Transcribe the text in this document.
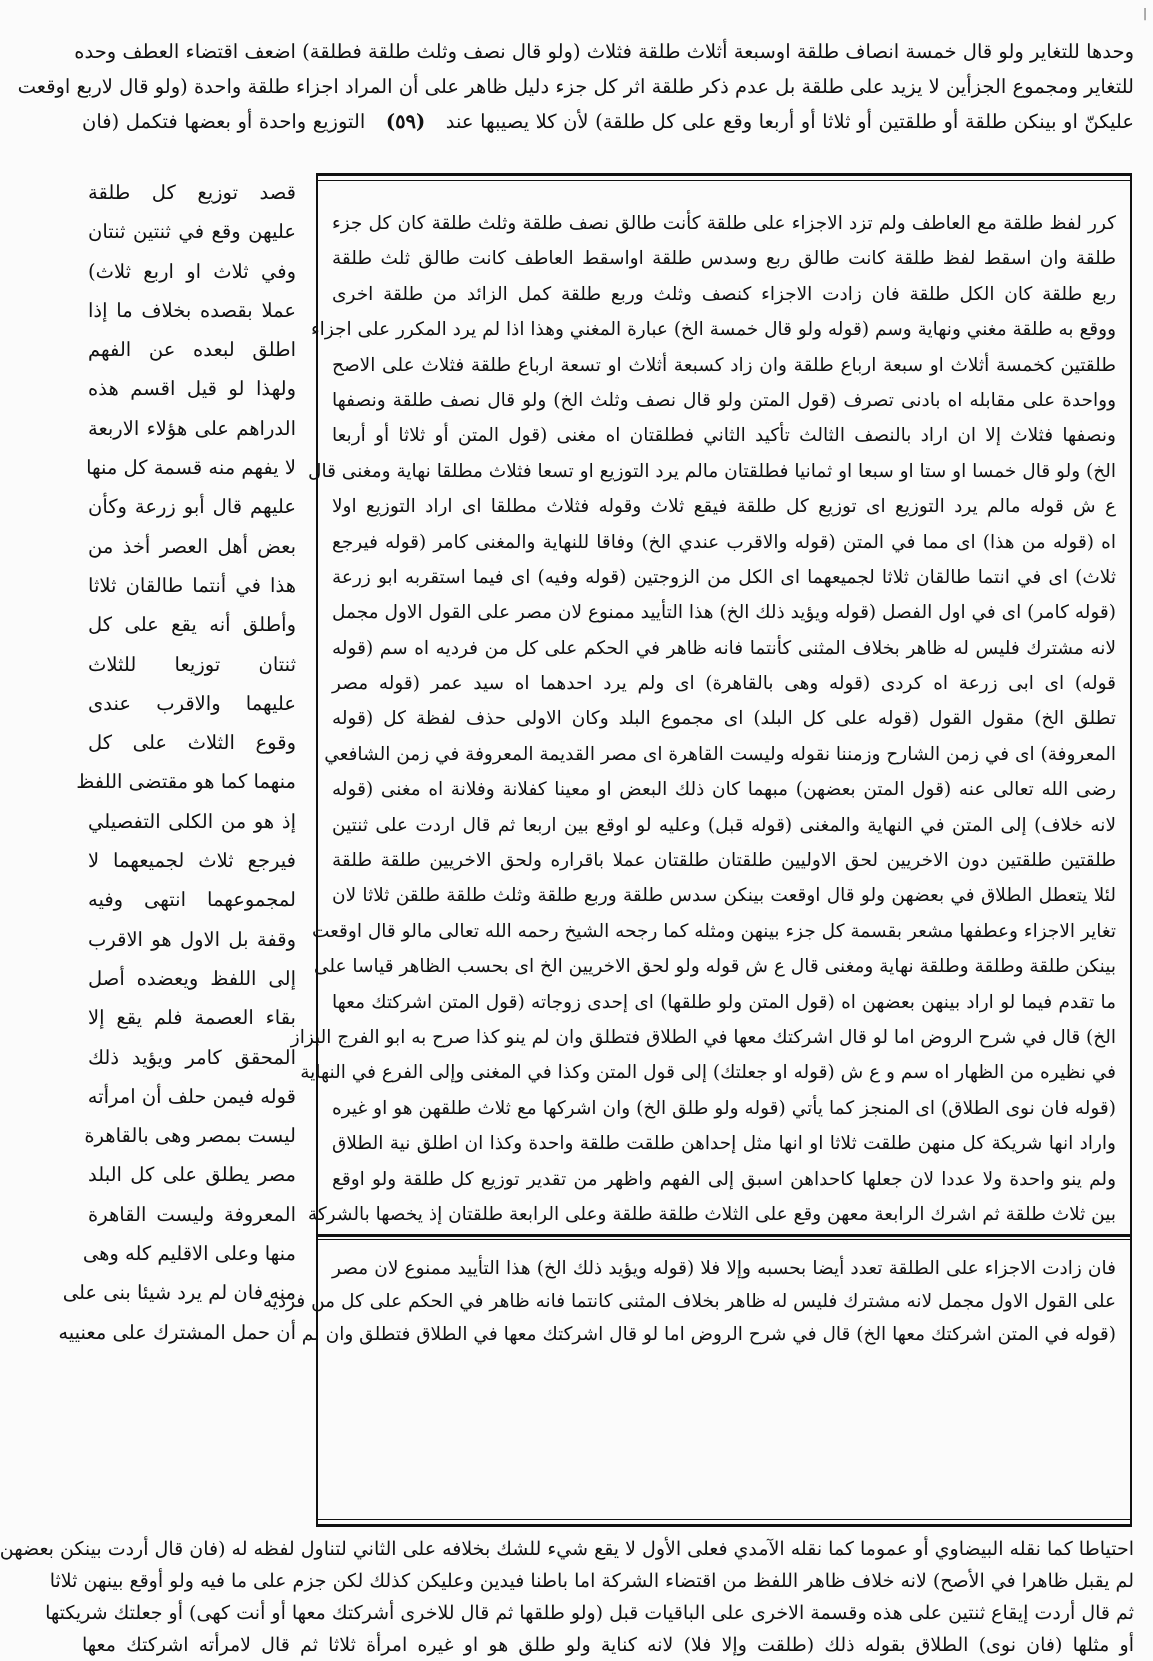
|
وحدها للتغاير ولو قال خمسة انصاف طلقة اوسبعة أثلاث طلقة فثلاث (ولو قال نصف وثلث طلقة فطلقة) اضعف اقتضاء العطف وحده
للتغاير ومجموع الجزأين لا يزيد على طلقة بل عدم ذكر طلقة اثر كل جزء دليل ظاهر على أن المراد اجزاء طلقة واحدة (ولو قال لاربع اوقعت
عليكنّ او بينكن طلقة أو طلقتين أو ثلاثا أو أربعا وقع على كل طلقة) لأن كلا يصيبها عند (٥٩) التوزيع واحدة أو بعضها فتكمل (فان
كرر لفظ طلقة مع العاطف ولم تزد الاجزاء على طلقة كأنت طالق نصف طلقة وثلث طلقة كان كل جزء
طلقة وان اسقط لفظ طلقة كانت طالق ربع وسدس طلقة اواسقط العاطف كانت طالق ثلث طلقة
ربع طلقة كان الكل طلقة فان زادت الاجزاء كنصف وثلث وربع طلقة كمل الزائد من طلقة اخرى
ووقع به طلقة مغني ونهاية وسم (قوله ولو قال خمسة الخ) عبارة المغني وهذا اذا لم يرد المكرر على اجزاء
طلقتين كخمسة أثلاث او سبعة ارباع طلقة وان زاد كسبعة أثلاث او تسعة ارباع طلقة فثلاث على الاصح
وواحدة على مقابله اه بادنى تصرف (قول المتن ولو قال نصف وثلث الخ) ولو قال نصف طلقة ونصفها
ونصفها فثلاث إلا ان اراد بالنصف الثالث تأكيد الثاني فطلقتان اه مغنى (قول المتن أو ثلاثا أو أربعا
الخ) ولو قال خمسا او ستا او سبعا او ثمانيا فطلقتان مالم يرد التوزيع او تسعا فثلاث مطلقا نهاية ومغنى قال
ع ش قوله مالم يرد التوزيع اى توزيع كل طلقة فيقع ثلاث وقوله فثلاث مطلقا اى اراد التوزيع اولا
اه (قوله من هذا) اى مما في المتن (قوله والاقرب عندي الخ) وفاقا للنهاية والمغنى كامر (قوله فيرجع
ثلاث) اى في انتما طالقان ثلاثا لجميعهما اى الكل من الزوجتين (قوله وفيه) اى فيما استقربه ابو زرعة
(قوله كامر) اى في اول الفصل (قوله ويؤيد ذلك الخ) هذا التأييد ممنوع لان مصر على القول الاول مجمل
لانه مشترك فليس له ظاهر بخلاف المثنى كأنتما فانه ظاهر في الحكم على كل من فرديه اه سم (قوله
قوله) اى ابى زرعة اه كردى (قوله وهى بالقاهرة) اى ولم يرد احدهما اه سيد عمر (قوله مصر
تطلق الخ) مقول القول (قوله على كل البلد) اى مجموع البلد وكان الاولى حذف لفظة كل (قوله
المعروفة) اى في زمن الشارح وزمننا نقوله وليست القاهرة اى مصر القديمة المعروفة في زمن الشافعي
رضى الله تعالى عنه (قول المتن بعضهن) مبهما كان ذلك البعض او معينا كفلانة وفلانة اه مغنى (قوله
لانه خلاف) إلى المتن في النهاية والمغنى (قوله قبل) وعليه لو اوقع بين اربعا ثم قال اردت على ثنتين
طلقتين طلقتين دون الاخريين لحق الاوليين طلقتان طلقتان عملا باقراره ولحق الاخريين طلقة طلقة
لئلا يتعطل الطلاق في بعضهن ولو قال اوقعت بينكن سدس طلقة وربع طلقة وثلث طلقة طلقن ثلاثا لان
تغاير الاجزاء وعطفها مشعر بقسمة كل جزء بينهن ومثله كما رجحه الشيخ رحمه الله تعالى مالو قال اوقعت
بينكن طلقة وطلقة وطلقة نهاية ومغنى قال ع ش قوله ولو لحق الاخريين الخ اى بحسب الظاهر قياسا على
ما تقدم فيما لو اراد بينهن بعضهن اه (قول المتن ولو طلقها) اى إحدى زوجاته (قول المتن اشركتك معها
الخ) قال في شرح الروض اما لو قال اشركتك معها في الطلاق فتطلق وان لم ينو كذا صرح به ابو الفرج البزاز
في نظيره من الظهار اه سم و ع ش (قوله او جعلتك) إلى قول المتن وكذا في المغنى وإلى الفرع في النهاية
(قوله فان نوى الطلاق) اى المنجز كما يأتي (قوله ولو طلق الخ) وان اشركها مع ثلاث طلقهن هو او غيره
واراد انها شريكة كل منهن طلقت ثلاثا او انها مثل إحداهن طلقت طلقة واحدة وكذا ان اطلق نية الطلاق
ولم ينو واحدة ولا عددا لان جعلها كاحداهن اسبق إلى الفهم واظهر من تقدير توزيع كل طلقة ولو اوقع
بين ثلاث طلقة ثم اشرك الرابعة معهن وقع على الثلاث طلقة طلقة وعلى الرابعة طلقتان إذ يخصها بالشركة
فان زادت الاجزاء على الطلقة تعدد أيضا بحسبه وإلا فلا (قوله ويؤيد ذلك الخ) هذا التأييد ممنوع لان مصر
على القول الاول مجمل لانه مشترك فليس له ظاهر بخلاف المثنى كانتما فانه ظاهر في الحكم على كل من فرديه
(قوله في المتن اشركتك معها الخ) قال في شرح الروض اما لو قال اشركتك معها في الطلاق فتطلق وان لم
قصد توزيع كل طلقة
عليهن وقع في ثنتين ثنتان
وفي ثلاث او اربع ثلاث)
عملا بقصده بخلاف ما إذا
اطلق لبعده عن الفهم
ولهذا لو قيل اقسم هذه
الدراهم على هؤلاء الاربعة
لا يفهم منه قسمة كل منها
عليهم قال أبو زرعة وكأن
بعض أهل العصر أخذ من
هذا في أنتما طالقان ثلاثا
وأطلق أنه يقع على كل
ثنتان توزيعا للثلاث
عليهما والاقرب عندى
وقوع الثلاث على كل
منهما كما هو مقتضى اللفظ
إذ هو من الكلى التفصيلي
فيرجع ثلاث لجميعهما لا
لمجموعهما انتهى وفيه
وقفة بل الاول هو الاقرب
إلى اللفظ ويعضده أصل
بقاء العصمة فلم يقع إلا
المحقق كامر ويؤيد ذلك
قوله فيمن حلف أن امرأته
ليست بمصر وهى بالقاهرة
مصر يطلق على كل البلد
المعروفة وليست القاهرة
منها وعلى الاقليم كله وهى
منه فان لم يرد شيئا بنى على
أن حمل المشترك على معنييه
احتياطا كما نقله البيضاوي أو عموما كما نقله الآمدي فعلى الأول لا يقع شيء للشك بخلافه على الثاني لتناول لفظه له (فان قال أردت بينكن بعضهن
لم يقبل ظاهرا في الأصح) لانه خلاف ظاهر اللفظ من اقتضاء الشركة اما باطنا فيدين وعليكن كذلك لكن جزم على ما فيه ولو أوقع بينهن ثلاثا
ثم قال أردت إيقاع ثنتين على هذه وقسمة الاخرى على الباقيات قبل (ولو طلقها ثم قال للاخرى أشركتك معها أو أنت كهى) أو جعلتك شريكتها
أو مثلها (فان نوى) الطلاق بقوله ذلك (طلقت وإلا فلا) لانه كناية ولو طلق هو او غيره امرأة ثلاثا ثم قال لامرأته اشركتك معها
